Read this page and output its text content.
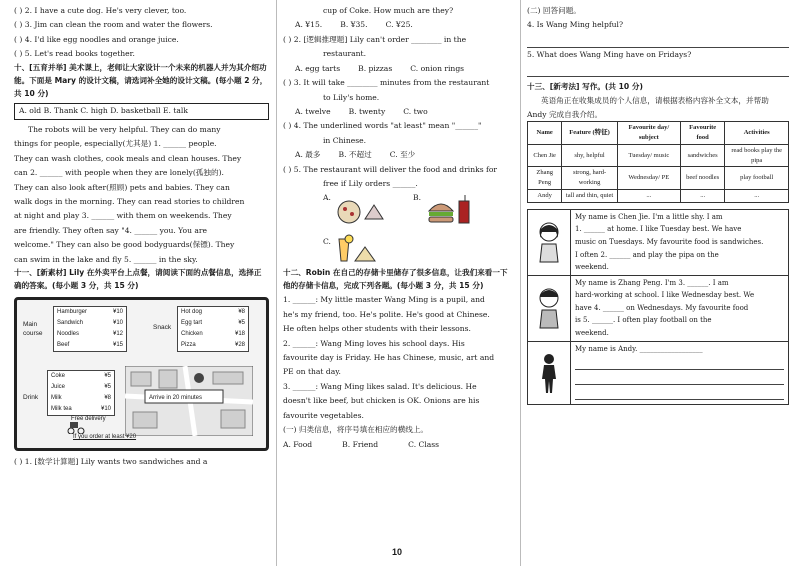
( ) 2. I have a cute dog. He's very clever, too.

( ) 3. Jim can clean the room and water the flowers.

( ) 4. I'd like egg noodles and orange juice.

( ) 5. Let's read books together.

十、[五育并举] 美术课上，老师让大家设计一个未来的机器人并为其介绍功能。下面是 Mary 的设计文稿，请选词补全她的设计文稿。(每小题 2 分，共 10 分)

A. old B. Thank C. high D. basketball E. talk

The robots will be very helpful. They can do many

things for people, especially(尤其是) 1. ______ people.

They can wash clothes, cook meals and clean houses. They

can 2. ______ with people when they are lonely(孤独的).

They can also look after(照顾) pets and babies. They can

walk dogs in the morning. They can read stories to children

at night and play 3. ______ with them on weekends. They

are friendly. They often say "4. ______ you. You are

welcome." They can also be good bodyguards(保镖). They

can swim in the lake and fly 5. ______ in the sky.

十一、[新素材] Lily 在外卖平台上点餐，请阅读下面的点餐信息，选择正确的答案。(每小题 3 分，共 15 分)

Main course
Hamburger	¥10
Sandwich	¥10
Noodles	¥12
Beef	¥15
Snack
Hot dog	¥8
Egg tart	¥5
Chicken	¥18
Pizza	¥28
Drink
Coke	¥5
Juice	¥5
Milk	¥8
Milk tea	¥10
Arrive in 20 minutes
Free delivery
If you order at least ¥20

( ) 1. [数学计算题] Lily wants two sandwiches and a

cup of Coke. How much are they?

A. ¥15. B. ¥35. C. ¥25.

( ) 2. [逻辑推理题] Lily can't order ________ in the

restaurant.

A. egg tarts B. pizzas C. onion rings

( ) 3. It will take ________ minutes from the restaurant

to Lily's home.

A. twelve B. twenty C. two

( ) 4. The underlined words "at least" mean "______"

in Chinese.

A. 最多 B. 不超过 C. 至少

( ) 5. The restaurant will deliver the food and drinks for

free if Lily orders ______.

A.	B.
C.

十二、Robin 在自己的存储卡里储存了很多信息，让我们来看一下他的存储卡信息，完成下列各题。(每小题 3 分，共 15 分)

1. ______: My little master Wang Ming is a pupil, and

he's my friend, too. He's polite. He's good at Chinese.

He often helps other students with their lessons.

2. ______: Wang Ming loves his school days. His

favourite day is Friday. He has Chinese, music, art and

PE on that day.

3. ______: Wang Ming likes salad. It's delicious. He

doesn't like beef, but chicken is OK. Onions are his

favourite vegetables.

(一) 归类信息，将序号填在相应的横线上。

A. Food	B. Friend	C. Class

(二) 回答问题。

4. Is Wang Ming helpful?

5. What does Wang Ming have on Fridays?

十三、[新考法] 写作。(共 10 分)

英语角正在收集成员的个人信息，请根据表格内容补全文本，并帮助 Andy 完成自我介绍。

Name	Feature (特征)	Favourite day/ subject	Favourite food	Activities
Chen Jie	shy, helpful	Tuesday/ music	sandwiches	read books play the pipa
Zhang Peng	strong, hard-working	Wednesday/ PE	beef noodles	play football
Andy	tall and thin, quiet	...	...	...

My name is Chen Jie. I'm a little shy. I am

1. ______ at home. I like Tuesday best. We have

music on Tuesdays. My favourite food is sandwiches.

I often 2. ______ and play the pipa on the

weekend.

My name is Zhang Peng. I'm 3. ______. I am

hard-working at school. I like Wednesday best. We

have 4. ______ on Wednesdays. My favourite food

is 5. ______. I often play football on the

weekend.

My name is Andy. __________________

10
